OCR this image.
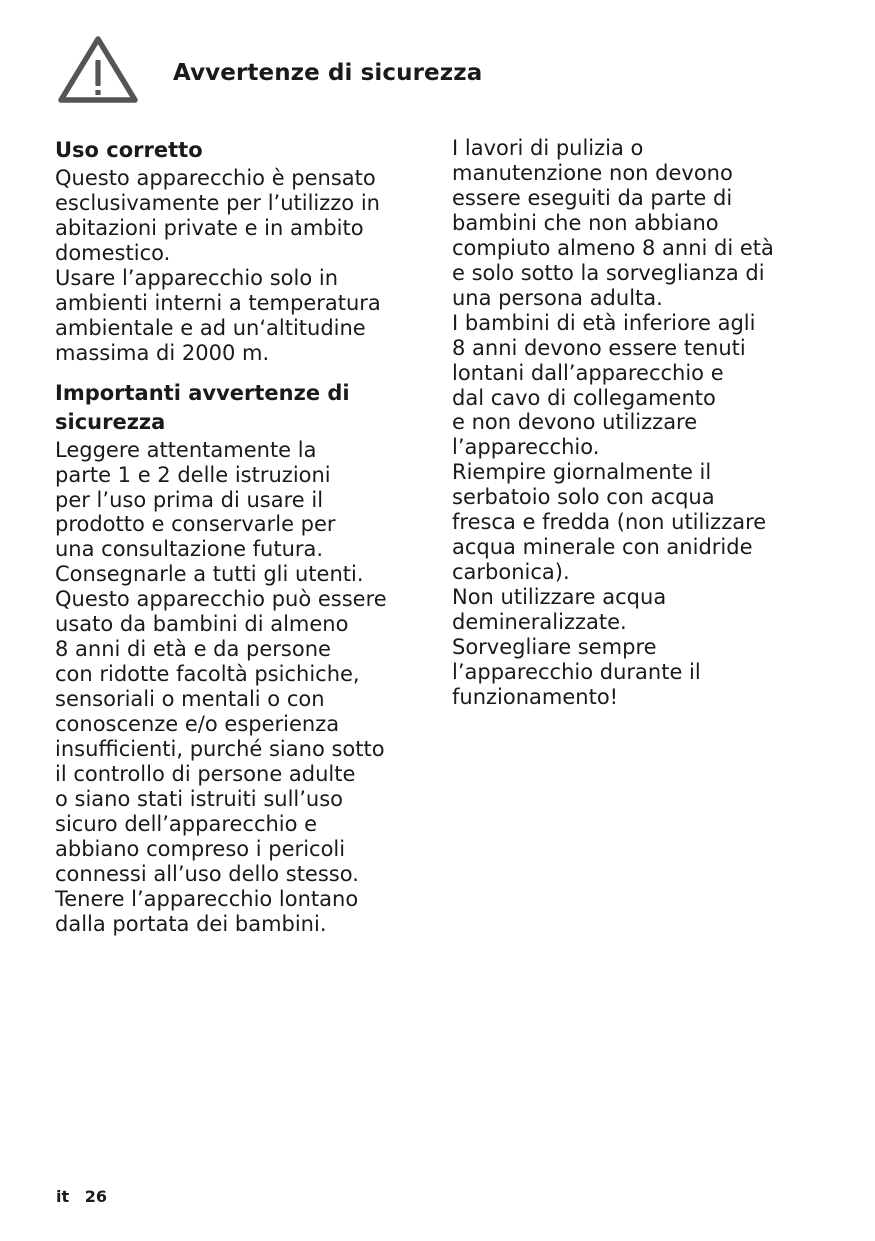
Avvertenze di sicurezza
Uso corretto
Questo apparecchio è pensato
esclusivamente per l’utilizzo in
abitazioni private e in ambito
domestico.
Usare l’apparecchio solo in
ambienti interni a temperatura
ambientale e ad un‘altitudine
massima di 2000 m.
Importanti avvertenze di
sicurezza
Leggere attentamente la
parte 1 e 2 delle istruzioni
per l’uso prima di usare il
prodotto e conservarle per
una consultazione futura.
Consegnarle a tutti gli utenti.
Questo apparecchio può essere
usato da bambini di almeno
8 anni di età e da persone
con ridotte facoltà psichiche,
sensoriali o mentali o con
conoscenze e/o esperienza
insufficienti, purché siano sotto
il controllo di persone adulte
o siano stati istruiti sull’uso
sicuro dell’apparecchio e
abbiano compreso i pericoli
connessi all’uso dello stesso.
Tenere l’apparecchio lontano
dalla portata dei bambini.
I lavori di pulizia o
manutenzione non devono
essere eseguiti da parte di
bambini che non abbiano
compiuto almeno 8 anni di età
e solo sotto la sorveglianza di
una persona adulta.
I bambini di età inferiore agli
8 anni devono essere tenuti
lontani dall’apparecchio e
dal cavo di collegamento
e non devono utilizzare
l’apparecchio.
Riempire giornalmente il
serbatoio solo con acqua
fresca e fredda (non utilizzare
acqua minerale con anidride
carbonica).
Non utilizzare acqua
demineralizzate.
Sorvegliare sempre
l’apparecchio durante il
funzionamento!
it 26
